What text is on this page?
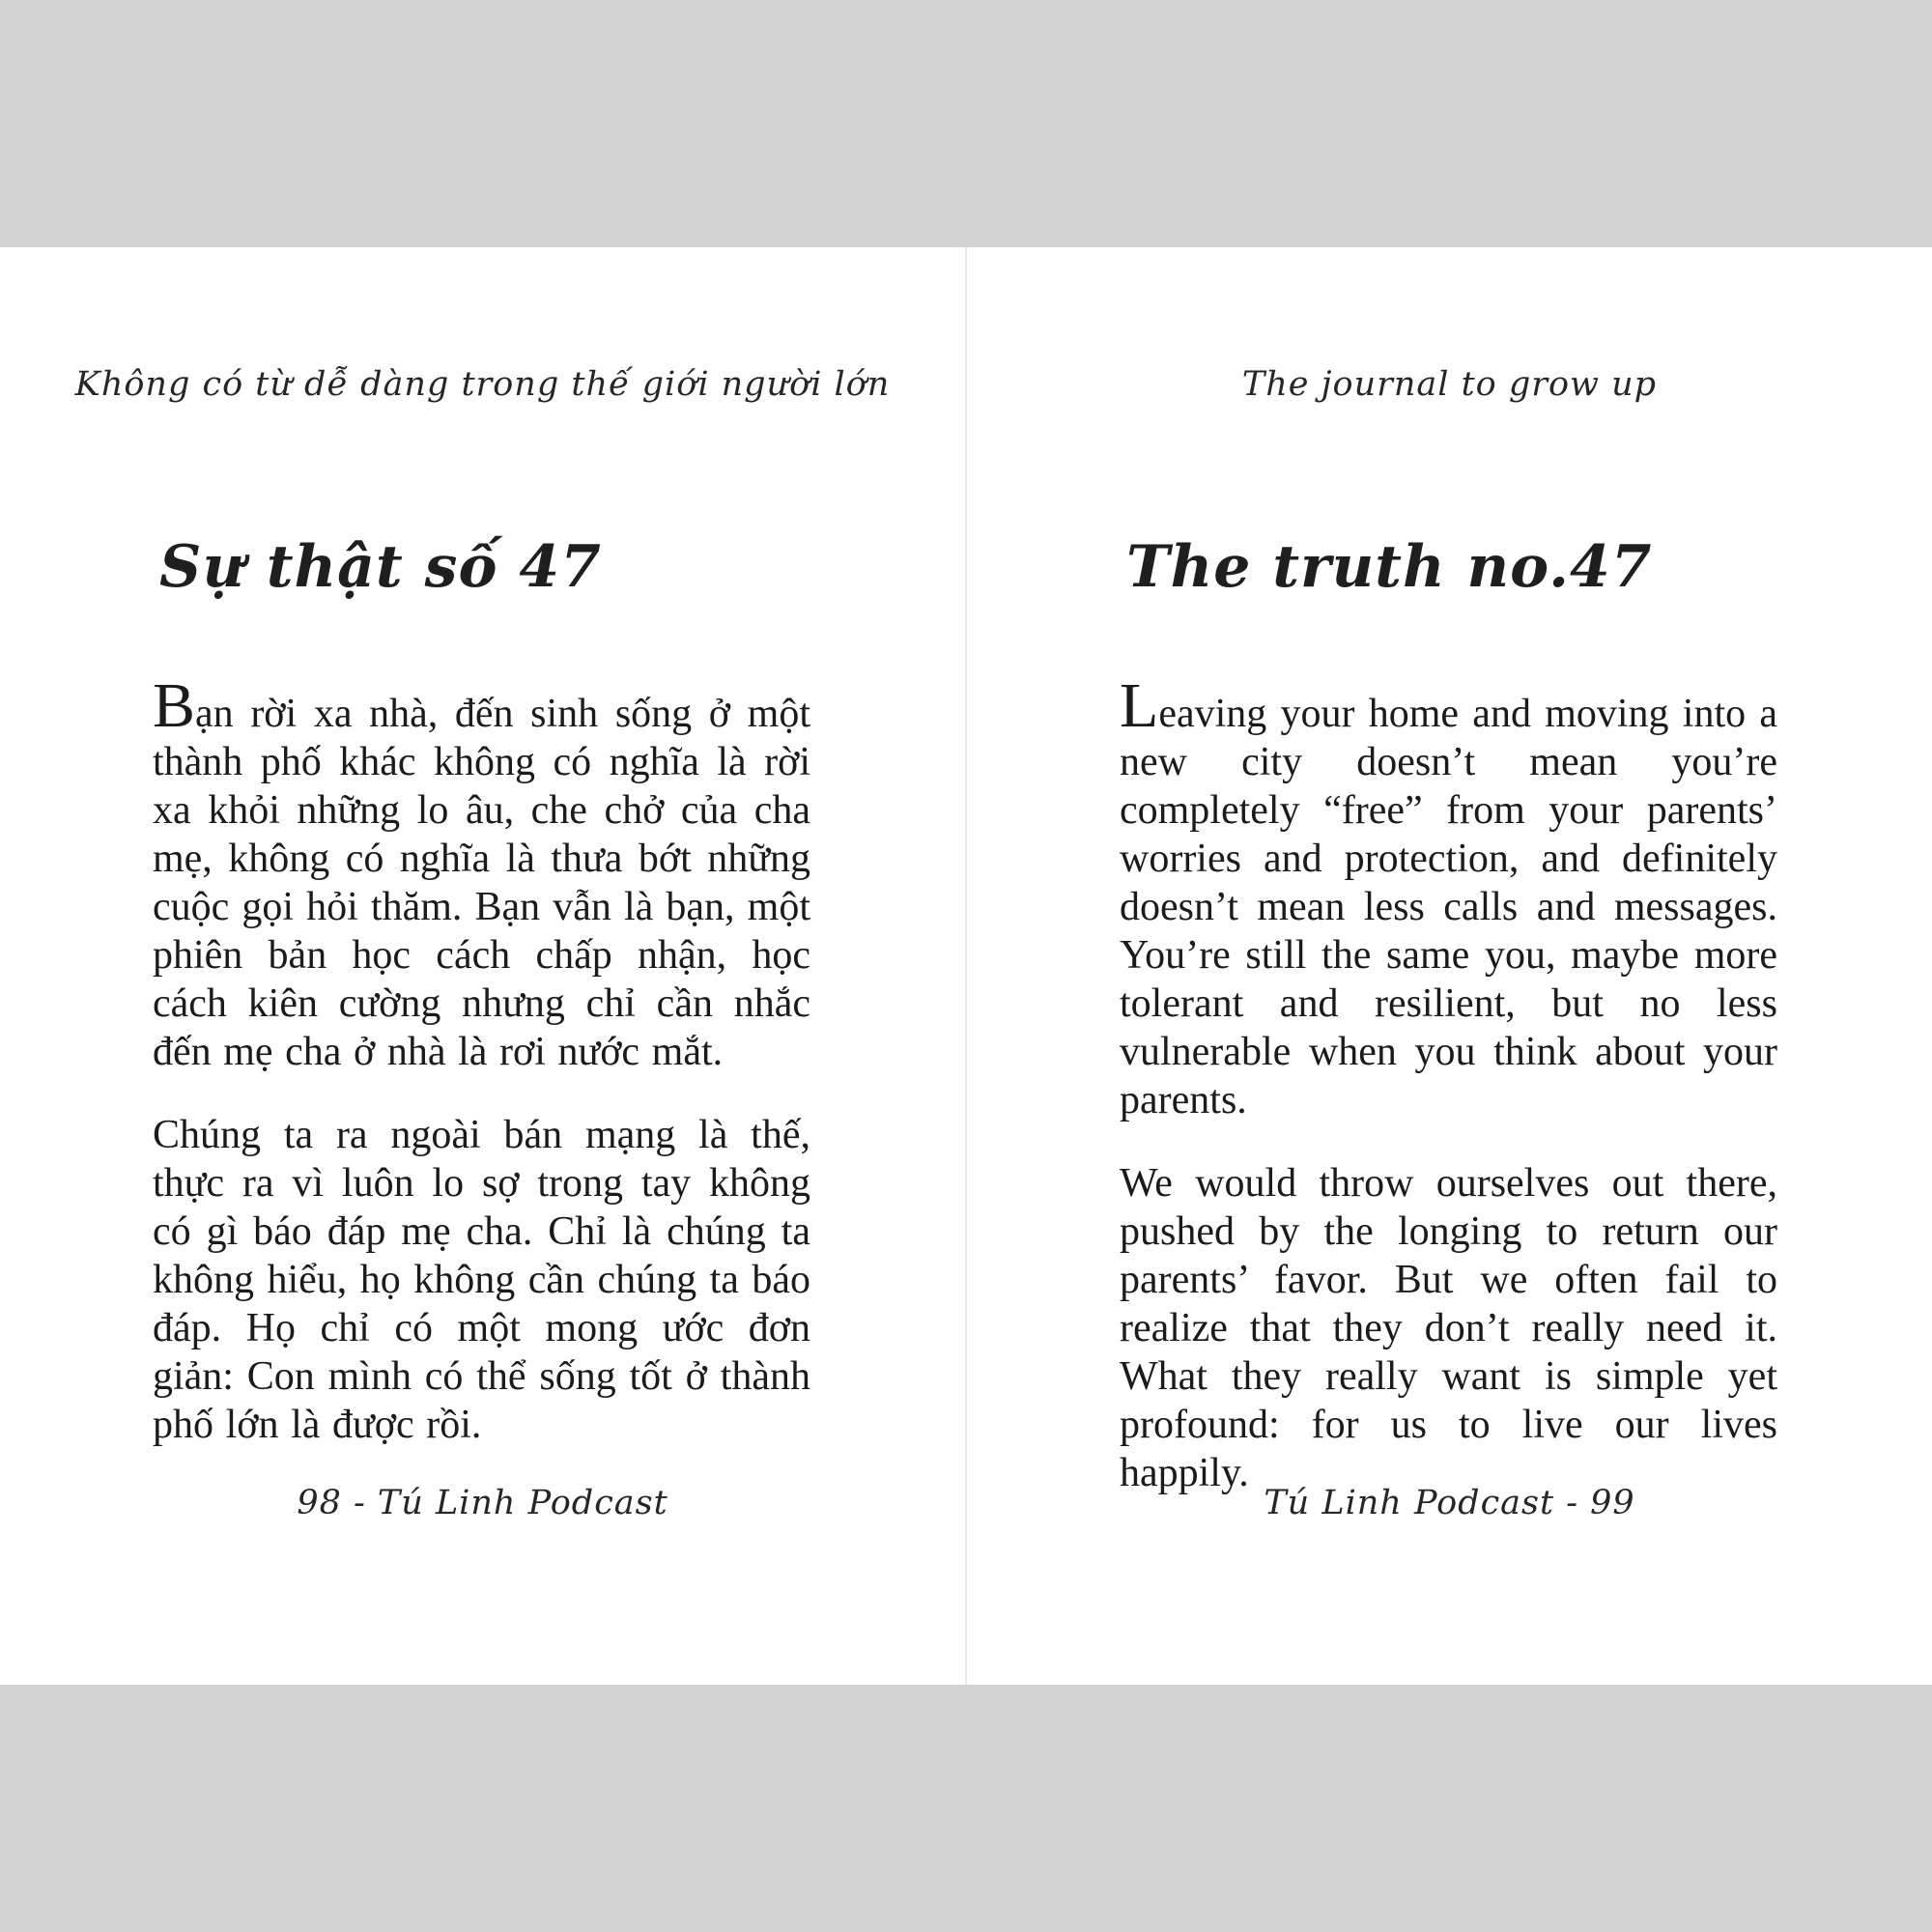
Không có từ dễ dàng trong thế giới người lớn
Sự thật số 47

Bạn rời xa nhà, đến sinh sống ở một thành phố khác không có nghĩa là rời xa khỏi những lo âu, che chở của cha mẹ, không có nghĩa là thưa bớt những cuộc gọi hỏi thăm. Bạn vẫn là bạn, một phiên bản học cách chấp nhận, học cách kiên cường nhưng chỉ cần nhắc đến mẹ cha ở nhà là rơi nước mắt.

Chúng ta ra ngoài bán mạng là thế, thực ra vì luôn lo sợ trong tay không có gì báo đáp mẹ cha. Chỉ là chúng ta không hiểu, họ không cần chúng ta báo đáp. Họ chỉ có một mong ước đơn giản: Con mình có thể sống tốt ở thành phố lớn là được rồi.

98 - Tú Linh Podcast
The journal to grow up
The truth no.47

Leaving your home and moving into a new city doesn’t mean you’re completely “free” from your parents’ worries and protection, and definitely doesn’t mean less calls and messages. You’re still the same you, maybe more tolerant and resilient, but no less vulnerable when you think about your parents.

We would throw ourselves out there, pushed by the longing to return our parents’ favor. But we often fail to realize that they don’t really need it. What they really want is simple yet profound: for us to live our lives happily.

Tú Linh Podcast - 99
